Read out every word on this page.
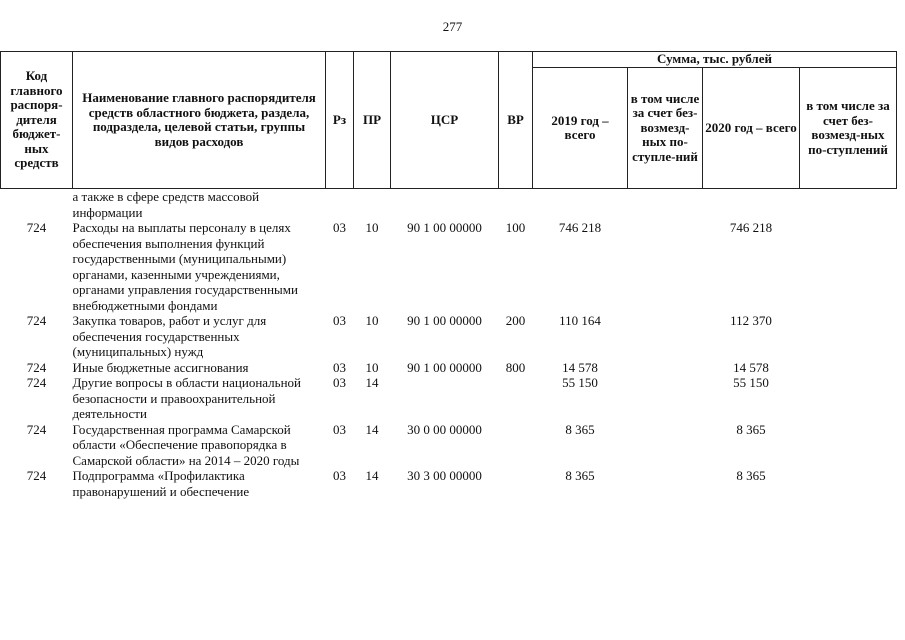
277
Код главного распоря-дителя бюджет-ных средств	Наименование главного распорядителя средств областного бюджета, раздела, подраздела, целевой статьи, группы видов расходов	Рз	ПР	ЦСР	ВР	Сумма, тыс. рублей			
						2019 год – всего	в том числе за счет без-возмезд-ных по-ступле-ний	2020 год – всего	в том числе за счет без-возмезд-ных по-ступлений
	а также в сфере средств массовой информации								
724	Расходы на выплаты персоналу в целях обеспечения выполнения функций государственными (муниципальными) органами, казенными учреждениями, органами управления государственными внебюджетными фондами	03	10	90 1 00 00000	100	746 218		746 218	
724	Закупка товаров, работ и услуг для обеспечения государственных (муниципальных) нужд	03	10	90 1 00 00000	200	110 164		112 370	
724	Иные бюджетные ассигнования	03	10	90 1 00 00000	800	14 578		14 578	
724	Другие вопросы в области национальной безопасности и правоохранительной деятельности	03	14			55 150		55 150	
724	Государственная программа Самарской области «Обеспечение правопорядка в Самарской области» на 2014 – 2020 годы	03	14	30 0 00 00000		8 365		8 365	
724	Подпрограмма «Профилактика правонарушений и обеспечение	03	14	30 3 00 00000		8 365		8 365	
